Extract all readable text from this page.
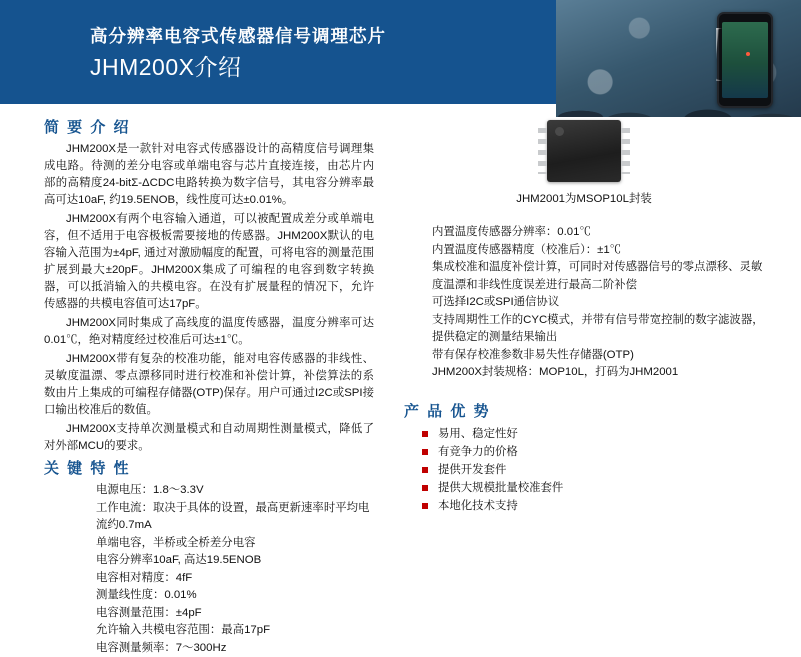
高分辨率电容式传感器信号调理芯片
JHM200X介绍
简 要 介 绍

JHM200X是一款针对电容式传感器设计的高精度信号调理集成电路。待测的差分电容或单端电容与芯片直接连接，由芯片内部的高精度24-bitΣ-ΔCDC电路转换为数字信号，其电容分辨率最高可达10aF, 约19.5ENOB，线性度可达±0.01%。

JHM200X有两个电容输入通道，可以被配置成差分或单端电容，但不适用于电容极板需要接地的传感器。JHM200X默认的电容输入范围为±4pF, 通过对激励幅度的配置，可将电容的测量范围扩展到最大±20pF。JHM200X集成了可编程的电容到数字转换器，可以抵消输入的共模电容。在没有扩展量程的情况下，允许传感器的共模电容值可达17pF。

JHM200X同时集成了高线度的温度传感器，温度分辨率可达0.01℃，绝对精度经过校准后可达±1℃。

JHM200X带有复杂的校准功能，能对电容传感器的非线性、灵敏度温漂、零点漂移同时进行校准和补偿计算，补偿算法的系数由片上集成的可编程存储器(OTP)保存。用户可通过I2C或SPI接口输出校准后的数值。

JHM200X支持单次测量模式和自动周期性测量模式，降低了对外部MCU的要求。

关 键 特 性
电源电压：1.8～3.3V
工作电流：取决于具体的设置，最高更新速率时平均电流约0.7mA
单端电容，半桥或全桥差分电容
电容分辨率10aF, 高达19.5ENOB
电容相对精度：4fF
测量线性度：0.01%
电容测量范围：±4pF
允许输入共模电容范围：最高17pF
电容测量频率：7～300Hz
JHM2001为MSOP10L封装
内置温度传感器分辨率：0.01℃
内置温度传感器精度（校准后）：±1℃
集成校准和温度补偿计算，可同时对传感器信号的零点漂移、灵敏度温漂和非线性度误差进行最高二阶补偿
可选择I2C或SPI通信协议
支持周期性工作的CYC模式，并带有信号带宽控制的数字滤波器，提供稳定的测量结果输出
带有保存校准参数非易失性存储器(OTP)
JHM200X封装规格：MOP10L，打码为JHM2001
产 品 优 势
易用、稳定性好
有竞争力的价格
提供开发套件
提供大规模批量校准套件
本地化技术支持
